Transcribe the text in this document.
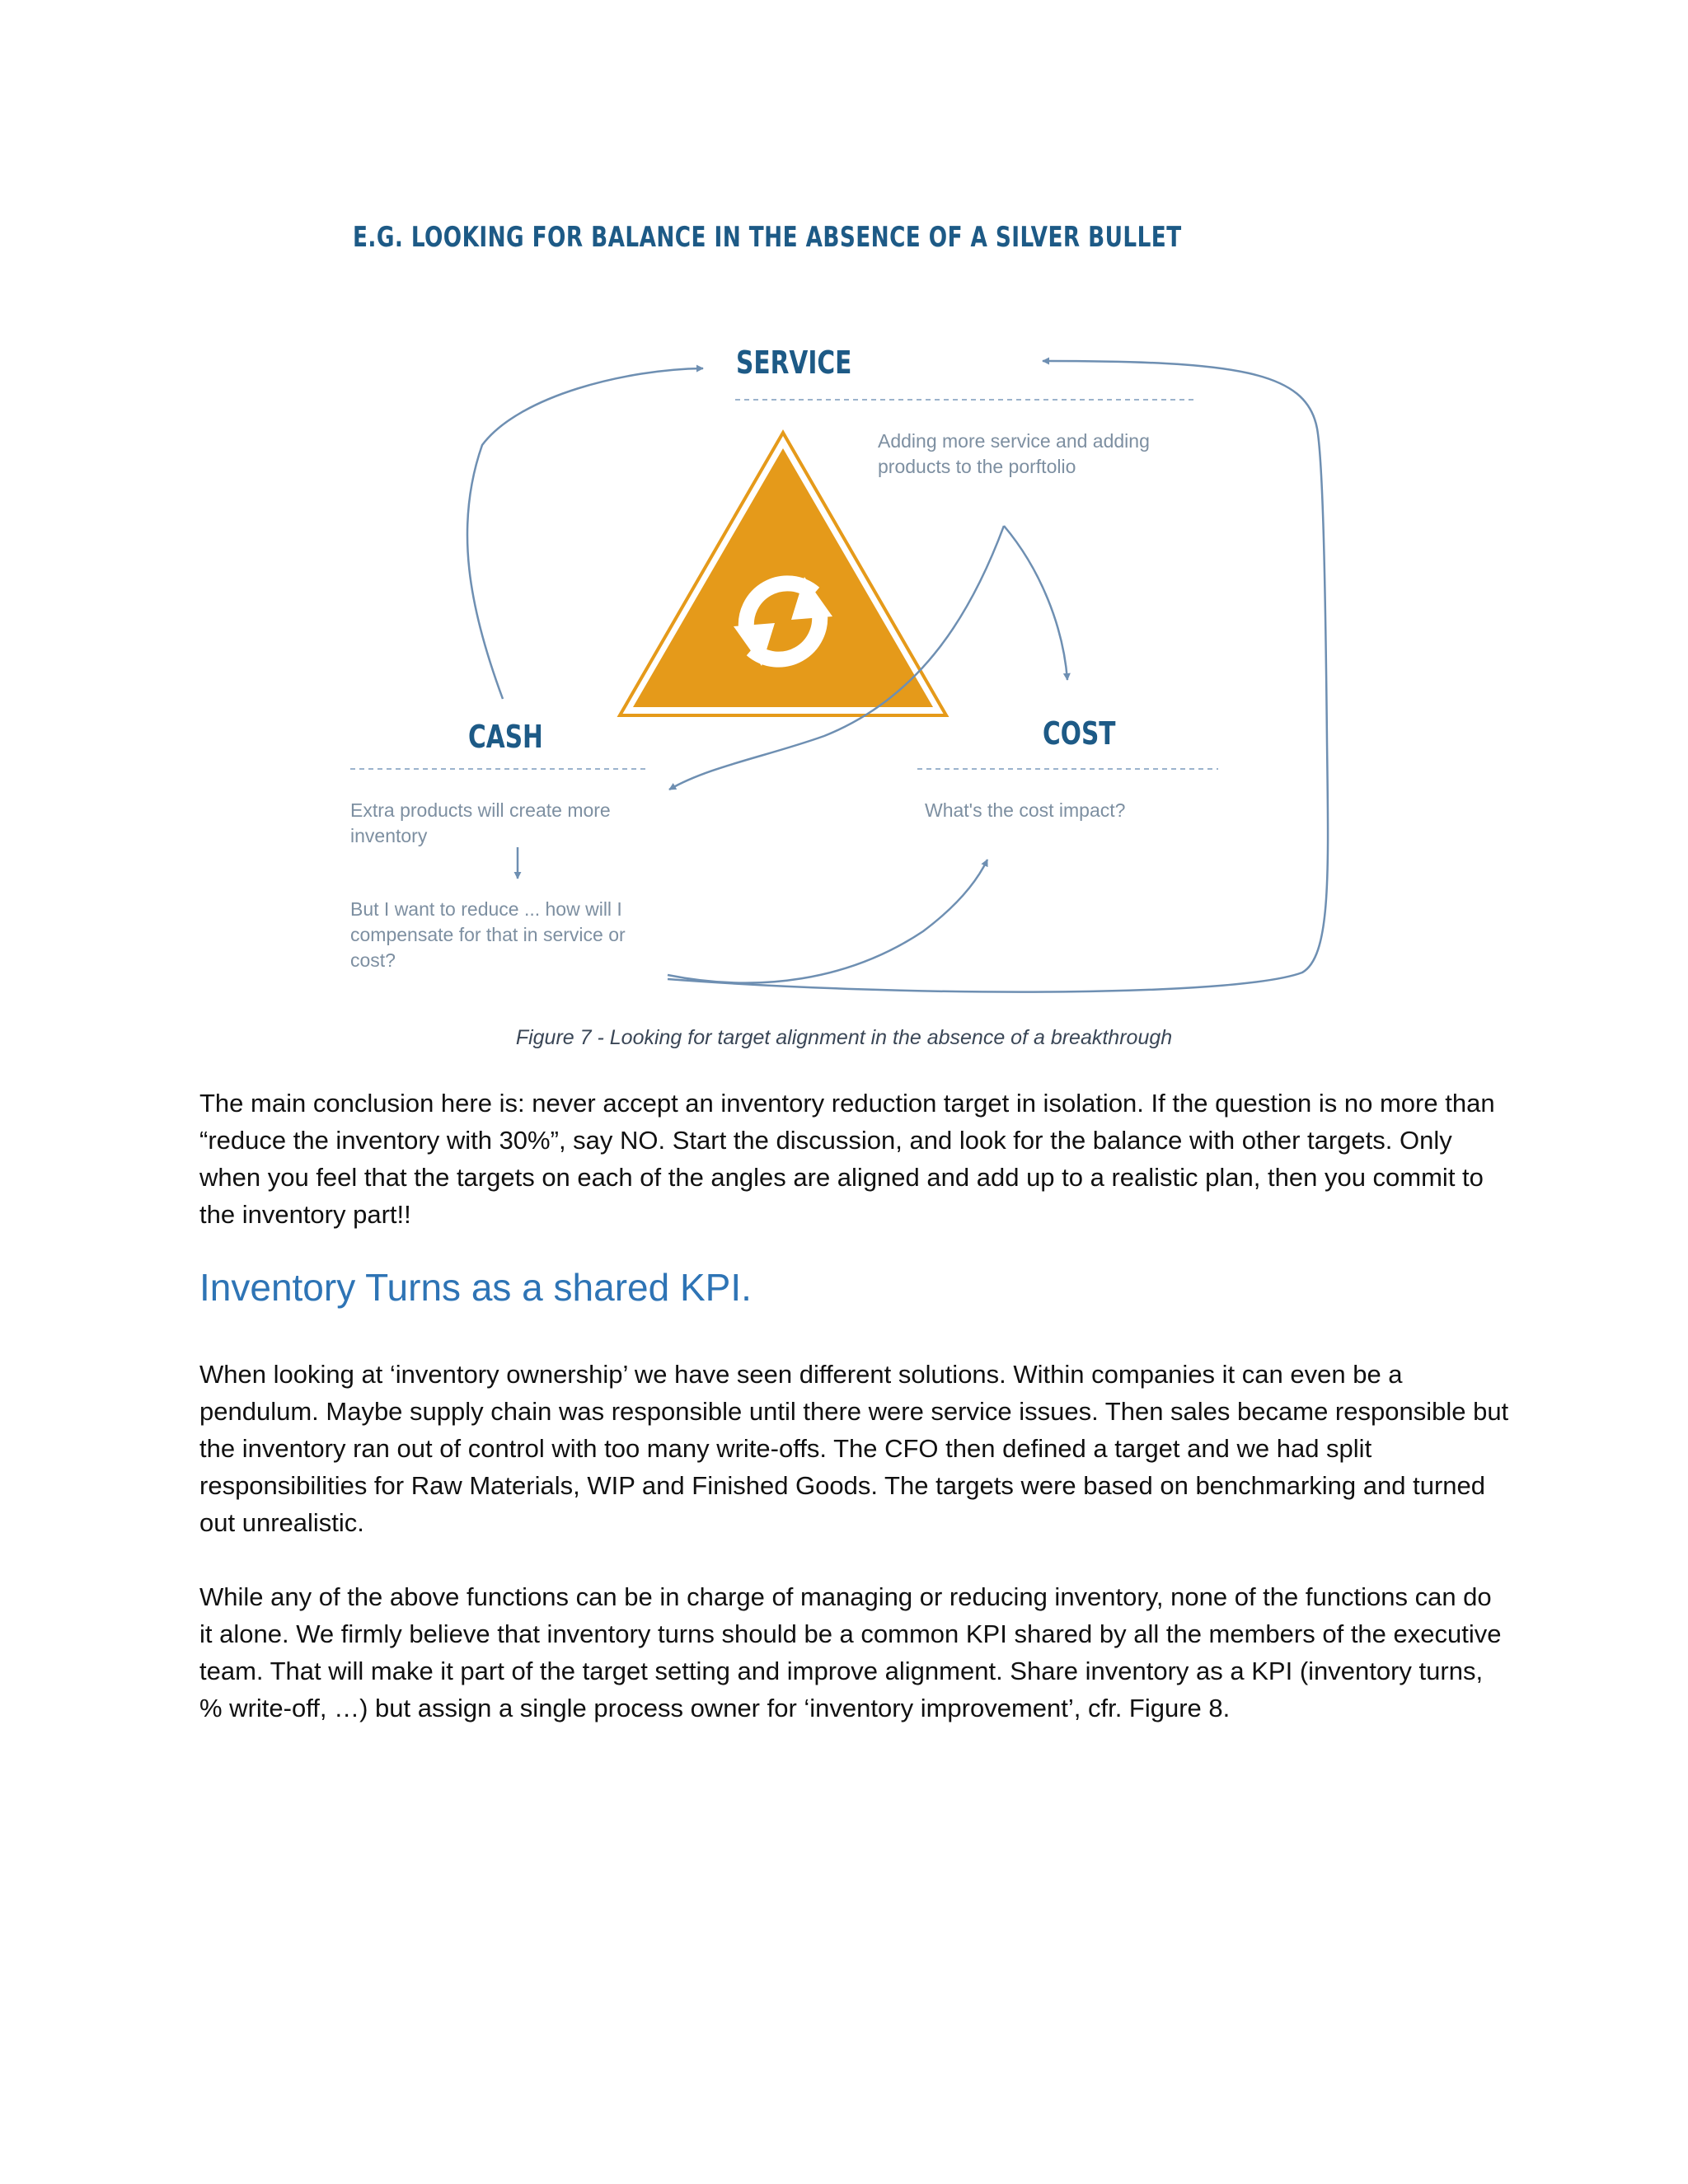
E.G. LOOKING FOR BALANCE IN THE ABSENCE OF A SILVER BULLET

SERVICE

Adding more service and adding products to the porftolio

CASH

Extra products will create more inventory

But I want to reduce ... how will I compensate for that in service or cost?

COST

What's the cost impact?

Figure 7 - Looking for target alignment in the absence of a breakthrough

The main conclusion here is: never accept an inventory reduction target in isolation. If the question is no more than “reduce the inventory with 30%”, say NO. Start the discussion, and look for the balance with other targets. Only when you feel that the targets on each of the angles are aligned and add up to a realistic plan, then you commit to the inventory part!!

Inventory Turns as a shared KPI.

When looking at ‘inventory ownership’ we have seen different solutions. Within companies it can even be a pendulum. Maybe supply chain was responsible until there were service issues. Then sales became responsible but the inventory ran out of control with too many write-offs. The CFO then defined a target and we had split responsibilities for Raw Materials, WIP and Finished Goods. The targets were based on benchmarking and turned out unrealistic.

While any of the above functions can be in charge of managing or reducing inventory, none of the functions can do it alone. We firmly believe that inventory turns should be a common KPI shared by all the members of the executive team. That will make it part of the target setting and improve alignment. Share inventory as a KPI (inventory turns, % write-off, …) but assign a single process owner for ‘inventory improvement’, cfr. Figure 8.
